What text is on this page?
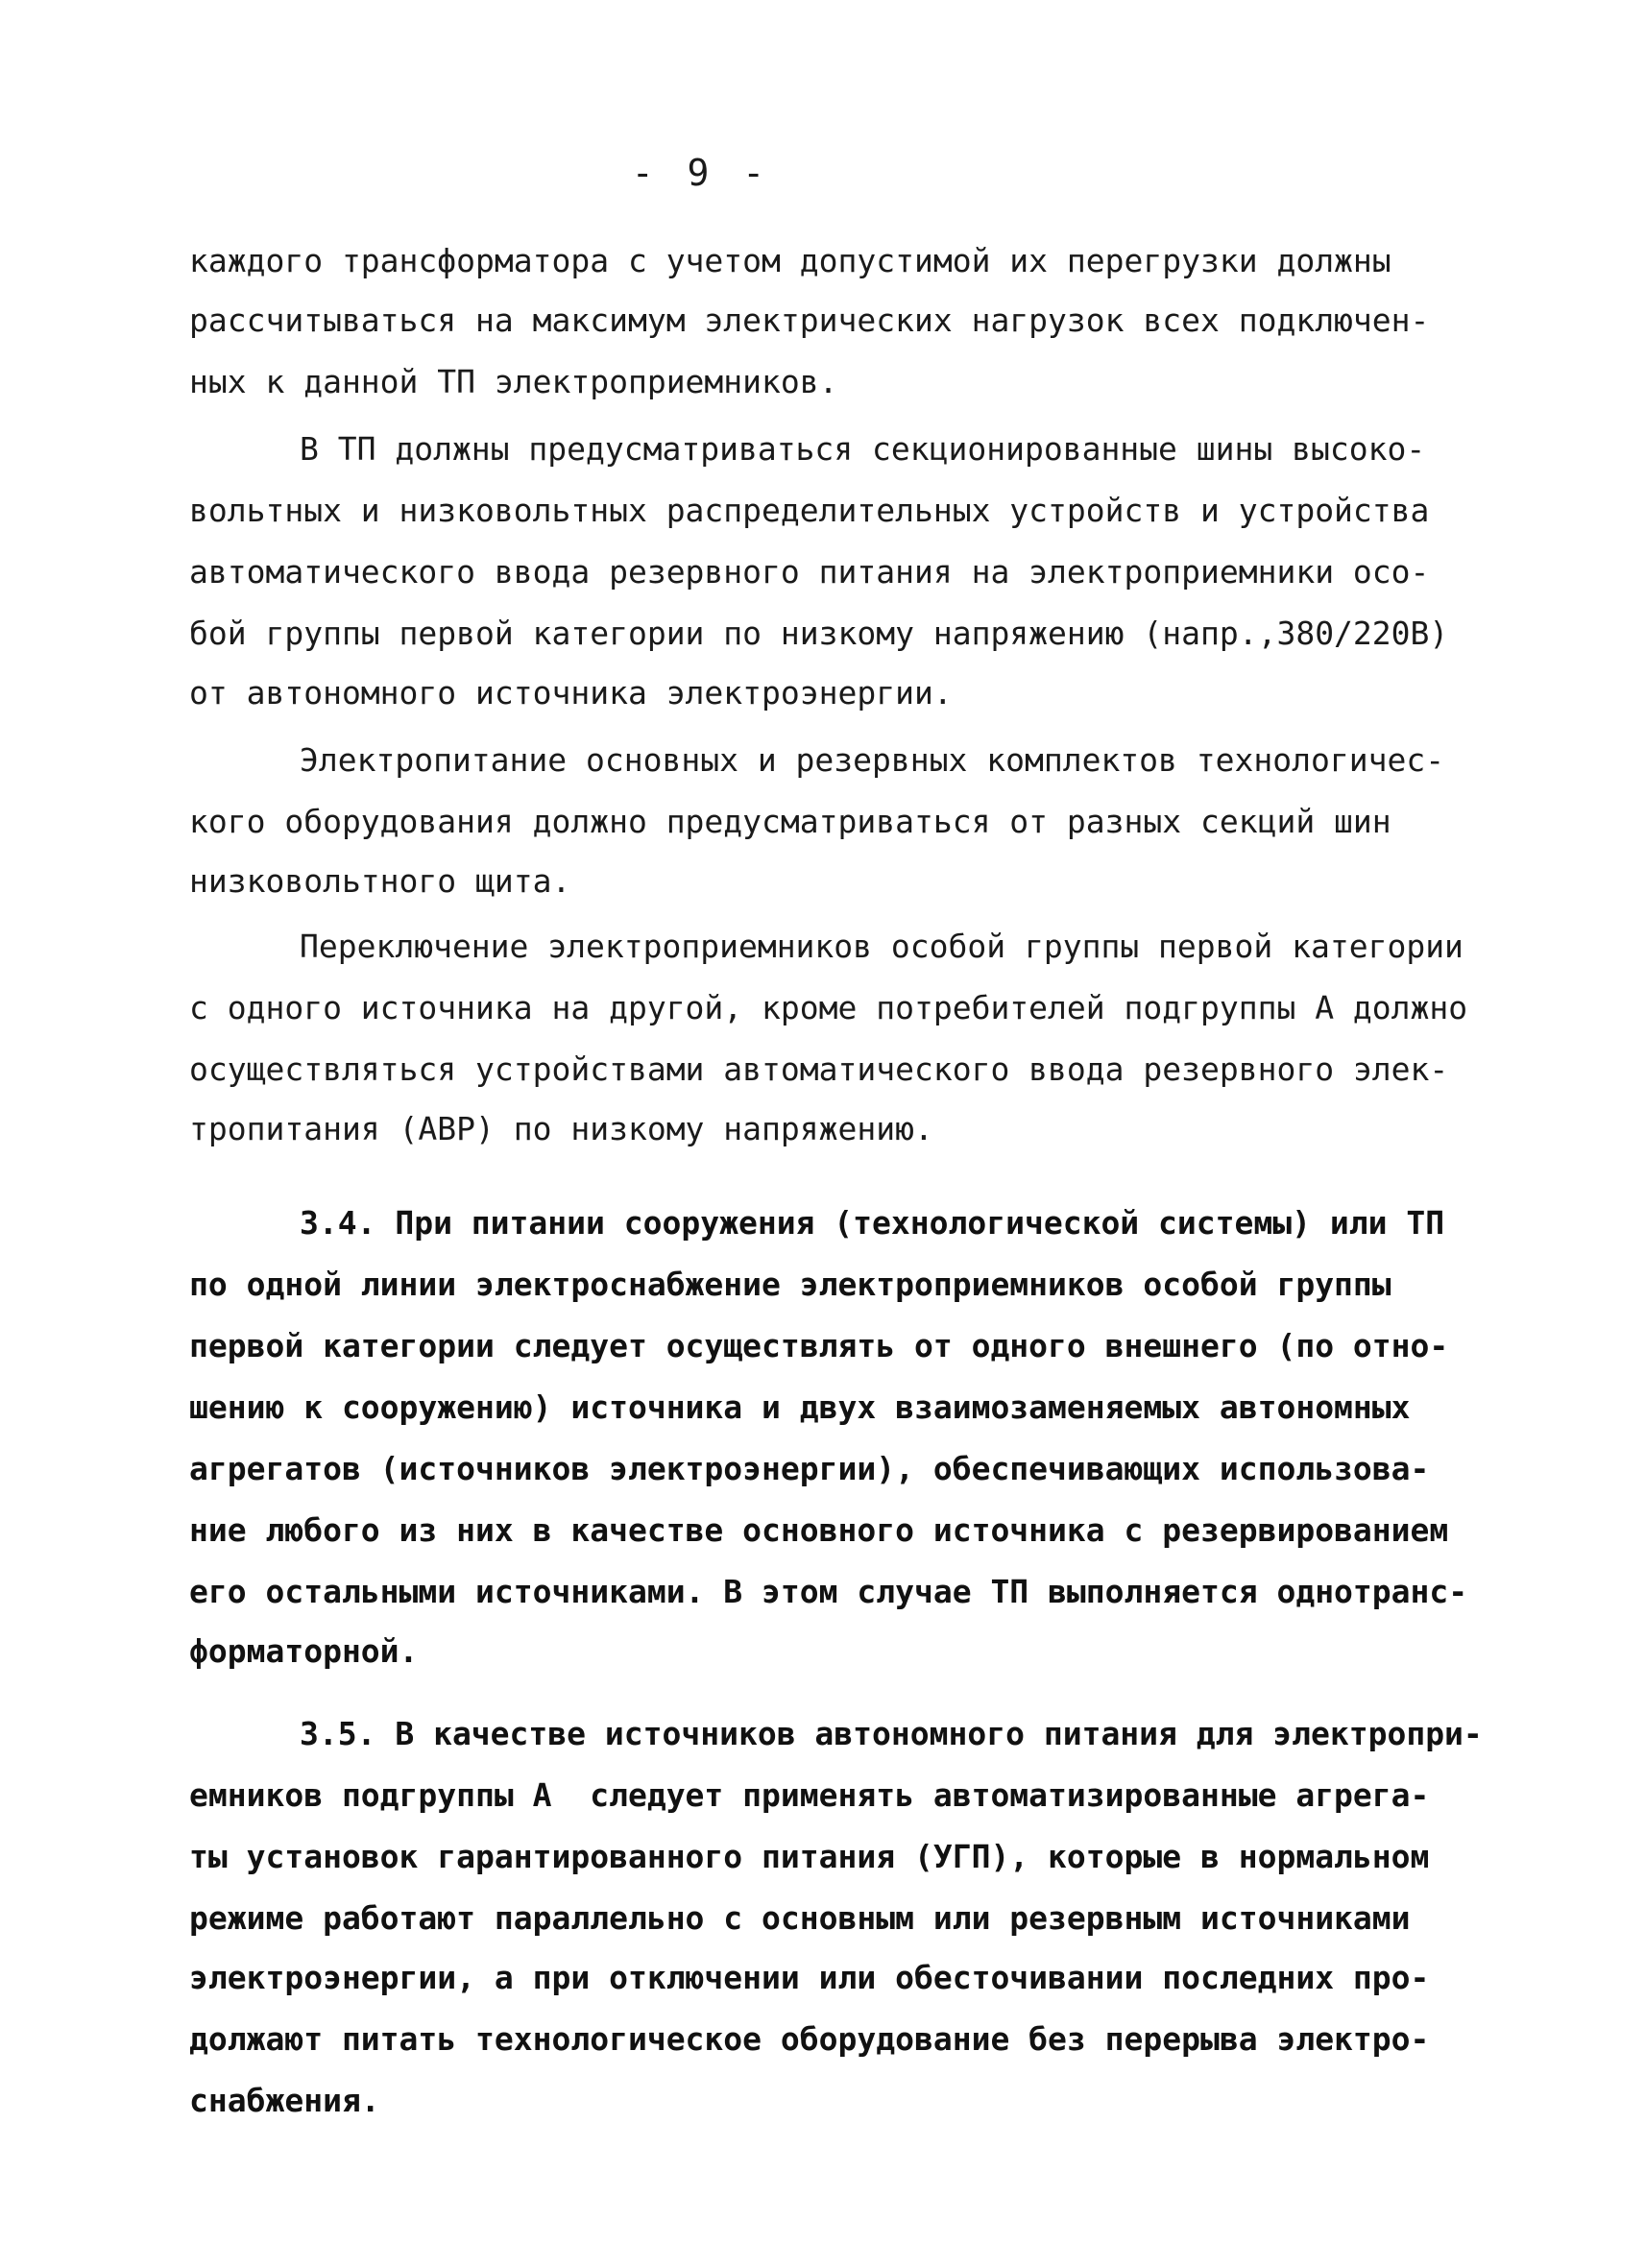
- 9 -
каждого трансформатора с учетом допустимой их перегрузки должны
рассчитываться на максимум электрических нагрузок всех подключен-
ных к данной ТП электроприемников.
В ТП должны предусматриваться секционированные шины высоко-
вольтных и низковольтных распределительных устройств и устройства
автоматического ввода резервного питания на электроприемники осо-
бой группы первой категории по низкому напряжению (напр.,380/220В)
от автономного источника электроэнергии.
Электропитание основных и резервных комплектов технологичес-
кого оборудования должно предусматриваться от разных секций шин
низковольтного щита.
Переключение электроприемников особой группы первой категории
с одного источника на другой, кроме потребителей подгруппы А должно
осуществляться устройствами автоматического ввода резервного элек-
тропитания (АВР) по низкому напряжению.
3.4. При питании сооружения (технологической системы) или ТП
по одной линии электроснабжение электроприемников особой группы
первой категории следует осуществлять от одного внешнего (по отно-
шению к сооружению) источника и двух взаимозаменяемых автономных
агрегатов (источников электроэнергии), обеспечивающих использова-
ние любого из них в качестве основного источника с резервированием
его остальными источниками. В этом случае ТП выполняется однотранс-
форматорной.
3.5. В качестве источников автономного питания для электропри-
емников подгруппы А  следует применять автоматизированные агрега-
ты установок гарантированного питания (УГП), которые в нормальном
режиме работают параллельно с основным или резервным источниками
электроэнергии, а при отключении или обесточивании последних про-
должают питать технологическое оборудование без перерыва электро-
снабжения.
